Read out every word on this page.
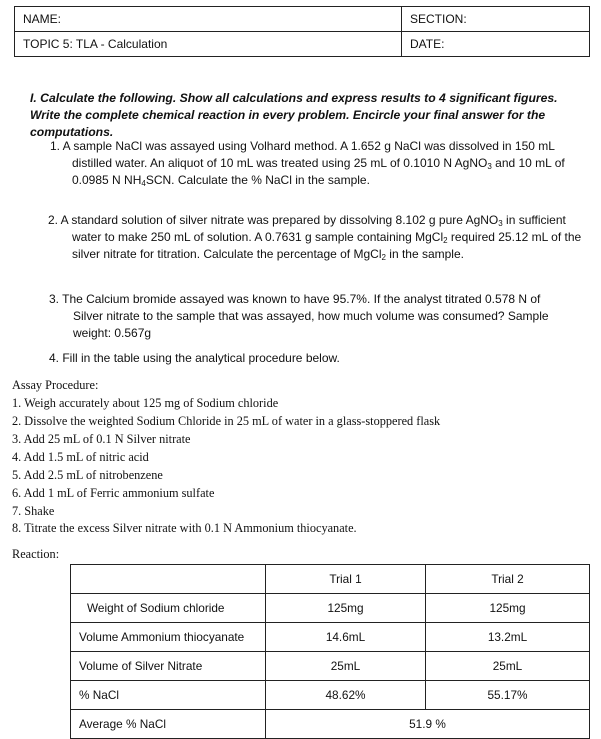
NAME:	SECTION:
TOPIC 5: TLA - Calculation	DATE:
I. Calculate the following. Show all calculations and express results to 4 significant figures. Write the complete chemical reaction in every problem. Encircle your final answer for the computations.
1. A sample NaCl was assayed using Volhard method. A 1.652 g NaCl was dissolved in 150 mL
distilled water. An aliquot of 10 mL was treated using 25 mL of 0.1010 N AgNO$_3$ and 10 mL of
0.0985 N $NH_4SCN$. Calculate the % NaCl in the sample.
2. A standard solution of silver nitrate was prepared by dissolving 8.102 g pure AgNO$_3$ in sufficient
water to make 250 mL of solution. A 0.7631 g sample containing MgCl$_2$ required 25.12 mL of the
silver nitrate for titration. Calculate the percentage of MgCl$_2$ in the sample.
3. The Calcium bromide assayed was known to have 95.7%. If the analyst titrated 0.578 N of
Silver nitrate to the sample that was assayed, how much volume was consumed? Sample
weight: 0.567g
4. Fill in the table using the analytical procedure below.
Assay Procedure:
1. Weigh accurately about 125 mg of Sodium chloride
2. Dissolve the weighted Sodium Chloride in 25 mL of water in a glass-stoppered flask
3. Add 25 mL of 0.1 N Silver nitrate
4. Add 1.5 mL of nitric acid
5. Add 2.5 mL of nitrobenzene
6. Add 1 mL of Ferric ammonium sulfate
7. Shake
8. Titrate the excess Silver nitrate with 0.1 N Ammonium thiocyanate.
Reaction:
	Trial 1	Trial 2
Weight of Sodium chloride	125mg	125mg
Volume Ammonium thiocyanate	14.6mL	13.2mL
Volume of Silver Nitrate	25mL	25mL
% NaCl	48.62%	55.17%
Average % NaCl	51.9 %	
